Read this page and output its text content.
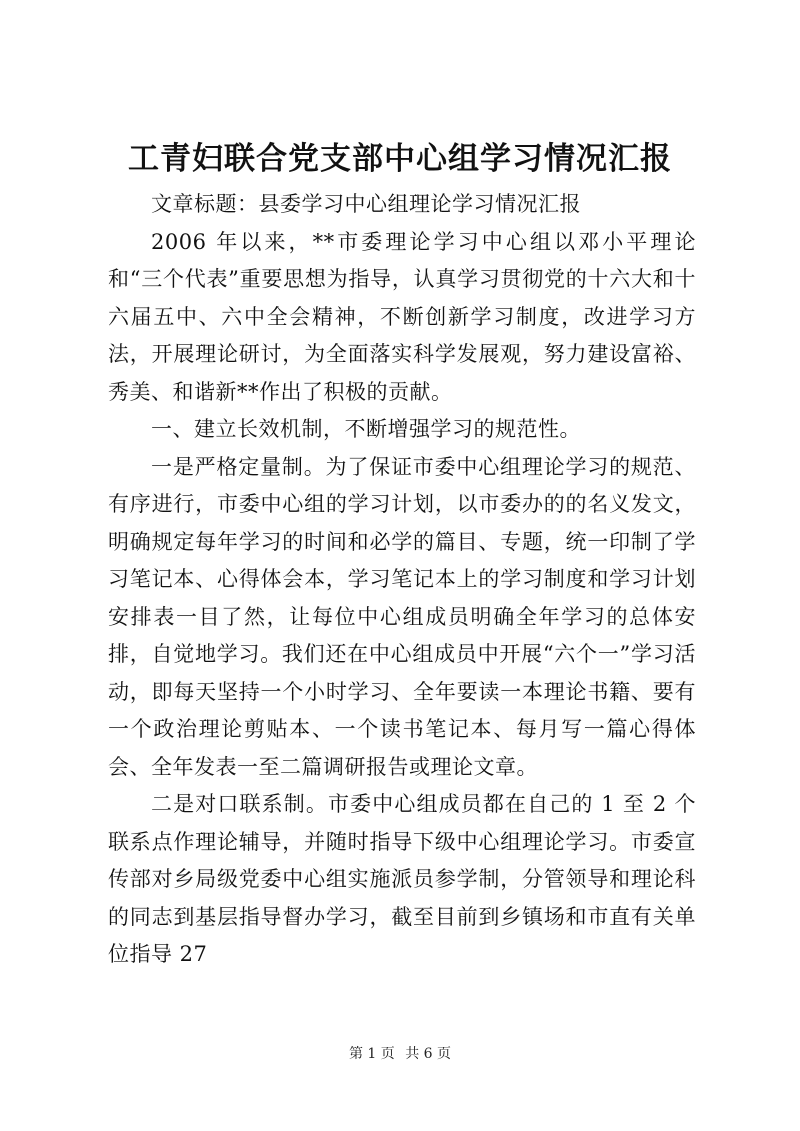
工青妇联合党支部中心组学习情况汇报

文章标题：县委学习中心组理论学习情况汇报

2006 年以来，**市委理论学习中心组以邓小平理论和“三个代表”重要思想为指导，认真学习贯彻党的十六大和十六届五中、六中全会精神，不断创新学习制度，改进学习方法，开展理论研讨，为全面落实科学发展观，努力建设富裕、秀美、和谐新**作出了积极的贡献。

一、建立长效机制，不断增强学习的规范性。

一是严格定量制。为了保证市委中心组理论学习的规范、有序进行，市委中心组的学习计划，以市委办的的名义发文，明确规定每年学习的时间和必学的篇目、专题，统一印制了学习笔记本、心得体会本，学习笔记本上的学习制度和学习计划安排表一目了然，让每位中心组成员明确全年学习的总体安排，自觉地学习。我们还在中心组成员中开展“六个一”学习活动，即每天坚持一个小时学习、全年要读一本理论书籍、要有一个政治理论剪贴本、一个读书笔记本、每月写一篇心得体会、全年发表一至二篇调研报告或理论文章。

二是对口联系制。市委中心组成员都在自己的 1 至 2 个联系点作理论辅导，并随时指导下级中心组理论学习。市委宣传部对乡局级党委中心组实施派员参学制，分管领导和理论科的同志到基层指导督办学习，截至目前到乡镇场和市直有关单位指导 27

第 1 页 共 6 页
